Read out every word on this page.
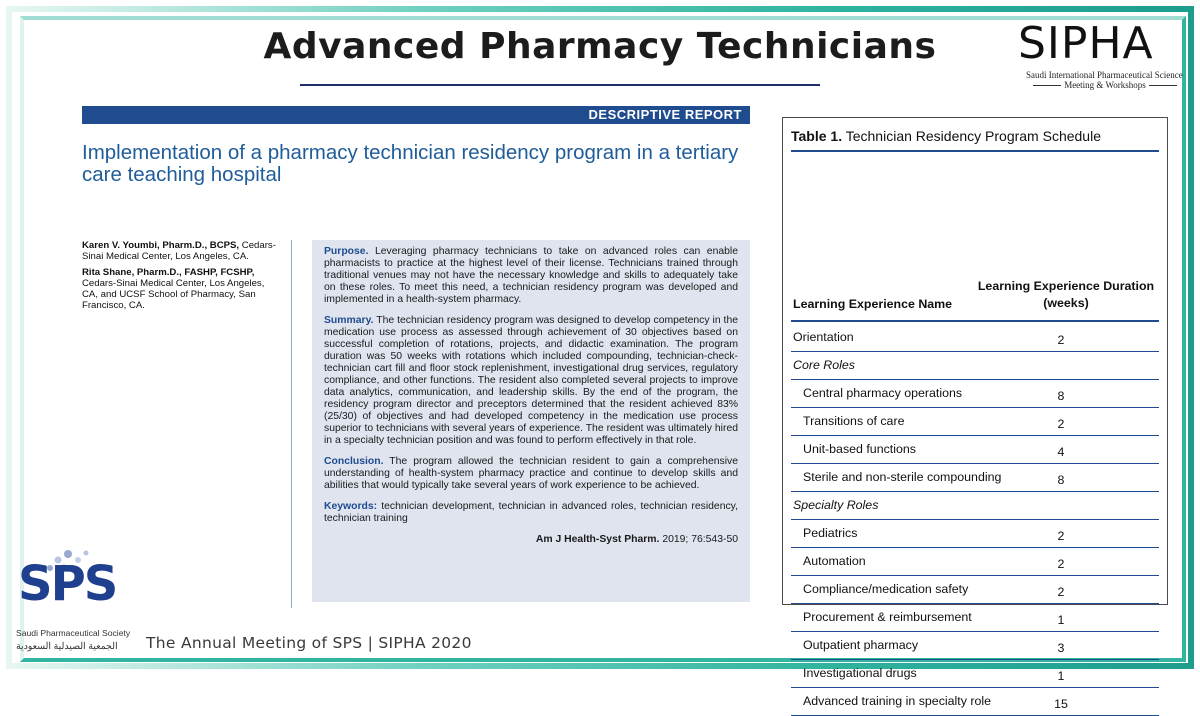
Advanced Pharmacy Technicians	SIPHA
Saudi International Pharmaceutical Science
Meeting & Workshops
DESCRIPTIVE REPORT
Implementation of a pharmacy technician residency program in a tertiary care teaching hospital
Karen V. Youmbi, Pharm.D., BCPS, Cedars-Sinai Medical Center, Los Angeles, CA.
Rita Shane, Pharm.D., FASHP, FCSHP, Cedars-Sinai Medical Center, Los Angeles, CA, and UCSF School of Pharmacy, San Francisco, CA.

Purpose. Leveraging pharmacy technicians to take on advanced roles can enable pharmacists to practice at the highest level of their license. Technicians trained through traditional venues may not have the necessary knowledge and skills to adequately take on these roles. To meet this need, a technician residency program was developed and implemented in a health-system pharmacy.

Summary. The technician residency program was designed to develop competency in the medication use process as assessed through achievement of 30 objectives based on successful completion of rotations, projects, and didactic examination. The program duration was 50 weeks with rotations which included compounding, technician-check-technician cart fill and floor stock replenishment, investigational drug services, regulatory compliance, and other functions. The resident also completed several projects to improve data analytics, communication, and leadership skills. By the end of the program, the residency program director and preceptors determined that the resident achieved 83% (25/30) of objectives and had developed competency in the medication use process superior to technicians with several years of experience. The resident was ultimately hired in a specialty technician position and was found to perform effectively in that role.

Conclusion. The program allowed the technician resident to gain a comprehensive understanding of health-system pharmacy practice and continue to develop skills and abilities that would typically take several years of work experience to be achieved.

Keywords: technician development, technician in advanced roles, technician residency, technician training

Am J Health-Syst Pharm. 2019; 76:543-50
Table 1. Technician Residency Program Schedule
Learning Experience Name
Learning Experience Duration (weeks)
Orientation	2
Core Roles
Central pharmacy operations	8
Transitions of care	2
Unit-based functions	4
Sterile and non-sterile compounding	8
Specialty Roles
Pediatrics	2
Automation	2
Compliance/medication safety	2
Procurement & reimbursement	1
Outpatient pharmacy	3
Investigational drugs	1
Advanced training in specialty role	15
SPS
Saudi Pharmaceutical Society
الجمعية الصيدلية السعودية The Annual Meeting of SPS | SIPHA 2020
